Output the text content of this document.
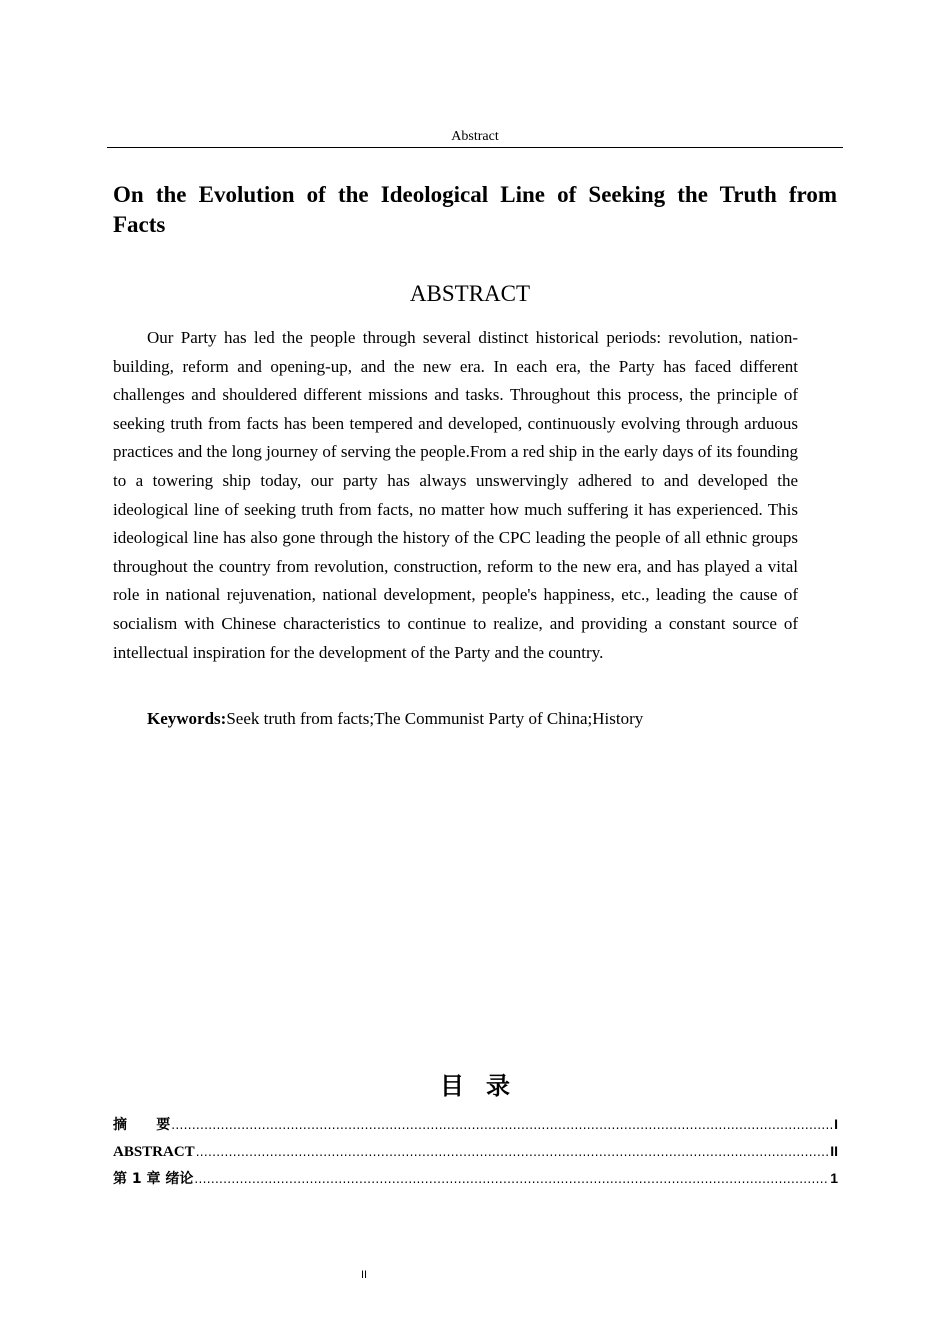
Abstract
On the Evolution of the Ideological Line of Seeking the Truth from Facts
ABSTRACT

Our Party has led the people through several distinct historical periods: revolution, nation-building, reform and opening-up, and the new era. In each era, the Party has faced different challenges and shouldered different missions and tasks. Throughout this process, the principle of seeking truth from facts has been tempered and developed, continuously evolving through arduous practices and the long journey of serving the people.From a red ship in the early days of its founding to a towering ship today, our party has always unswervingly adhered to and developed the ideological line of seeking truth from facts, no matter how much suffering it has experienced. This ideological line has also gone through the history of the CPC leading the people of all ethnic groups throughout the country from revolution, construction, reform to the new era, and has played a vital role in national rejuvenation, national development, people's happiness, etc., leading the cause of socialism with Chinese characteristics to continue to realize, and providing a constant source of intellectual inspiration for the development of the Party and the country.

Keywords:Seek truth from facts;The Communist Party of China;History

目录
摘      要 .....	I
ABSTRACT .....	II
第 1 章 绪论 .....	1
II
